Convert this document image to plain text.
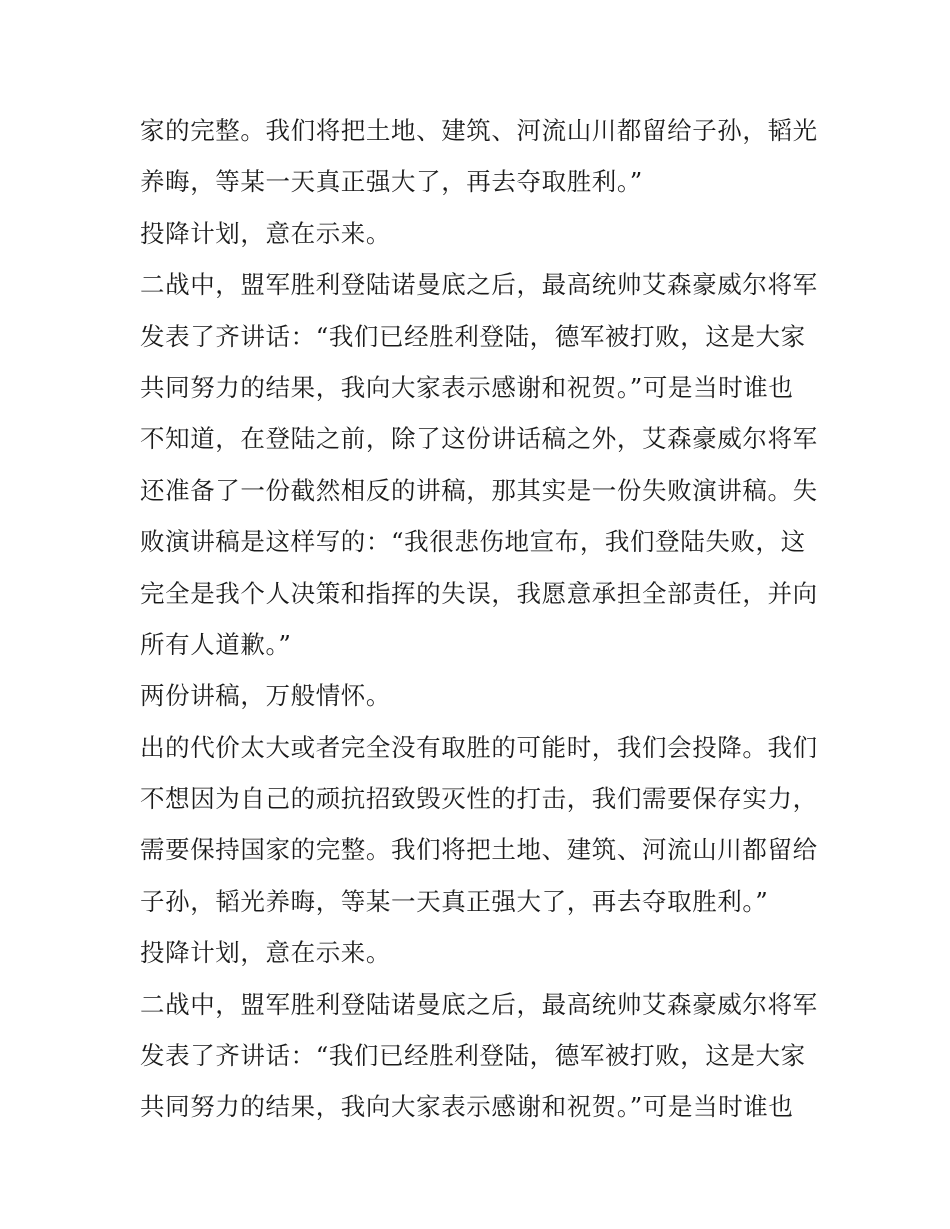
家的完整。我们将把土地、建筑、河流山川都留给子孙，韬光
养晦，等某一天真正强大了，再去夺取胜利。”
投降计划，意在示来。
二战中，盟军胜利登陆诺曼底之后，最高统帅艾森豪威尔将军
发表了齐讲话：“我们已经胜利登陆，德军被打败，这是大家
共同努力的结果，我向大家表示感谢和祝贺。”可是当时谁也
不知道，在登陆之前，除了这份讲话稿之外，艾森豪威尔将军
还准备了一份截然相反的讲稿，那其实是一份失败演讲稿。失
败演讲稿是这样写的：“我很悲伤地宣布，我们登陆失败，这
完全是我个人决策和指挥的失误，我愿意承担全部责任，并向
所有人道歉。”
两份讲稿，万般情怀。
出的代价太大或者完全没有取胜的可能时，我们会投降。我们
不想因为自己的顽抗招致毁灭性的打击，我们需要保存实力，
需要保持国家的完整。我们将把土地、建筑、河流山川都留给
子孙，韬光养晦，等某一天真正强大了，再去夺取胜利。”
投降计划，意在示来。
二战中，盟军胜利登陆诺曼底之后，最高统帅艾森豪威尔将军
发表了齐讲话：“我们已经胜利登陆，德军被打败，这是大家
共同努力的结果，我向大家表示感谢和祝贺。”可是当时谁也
